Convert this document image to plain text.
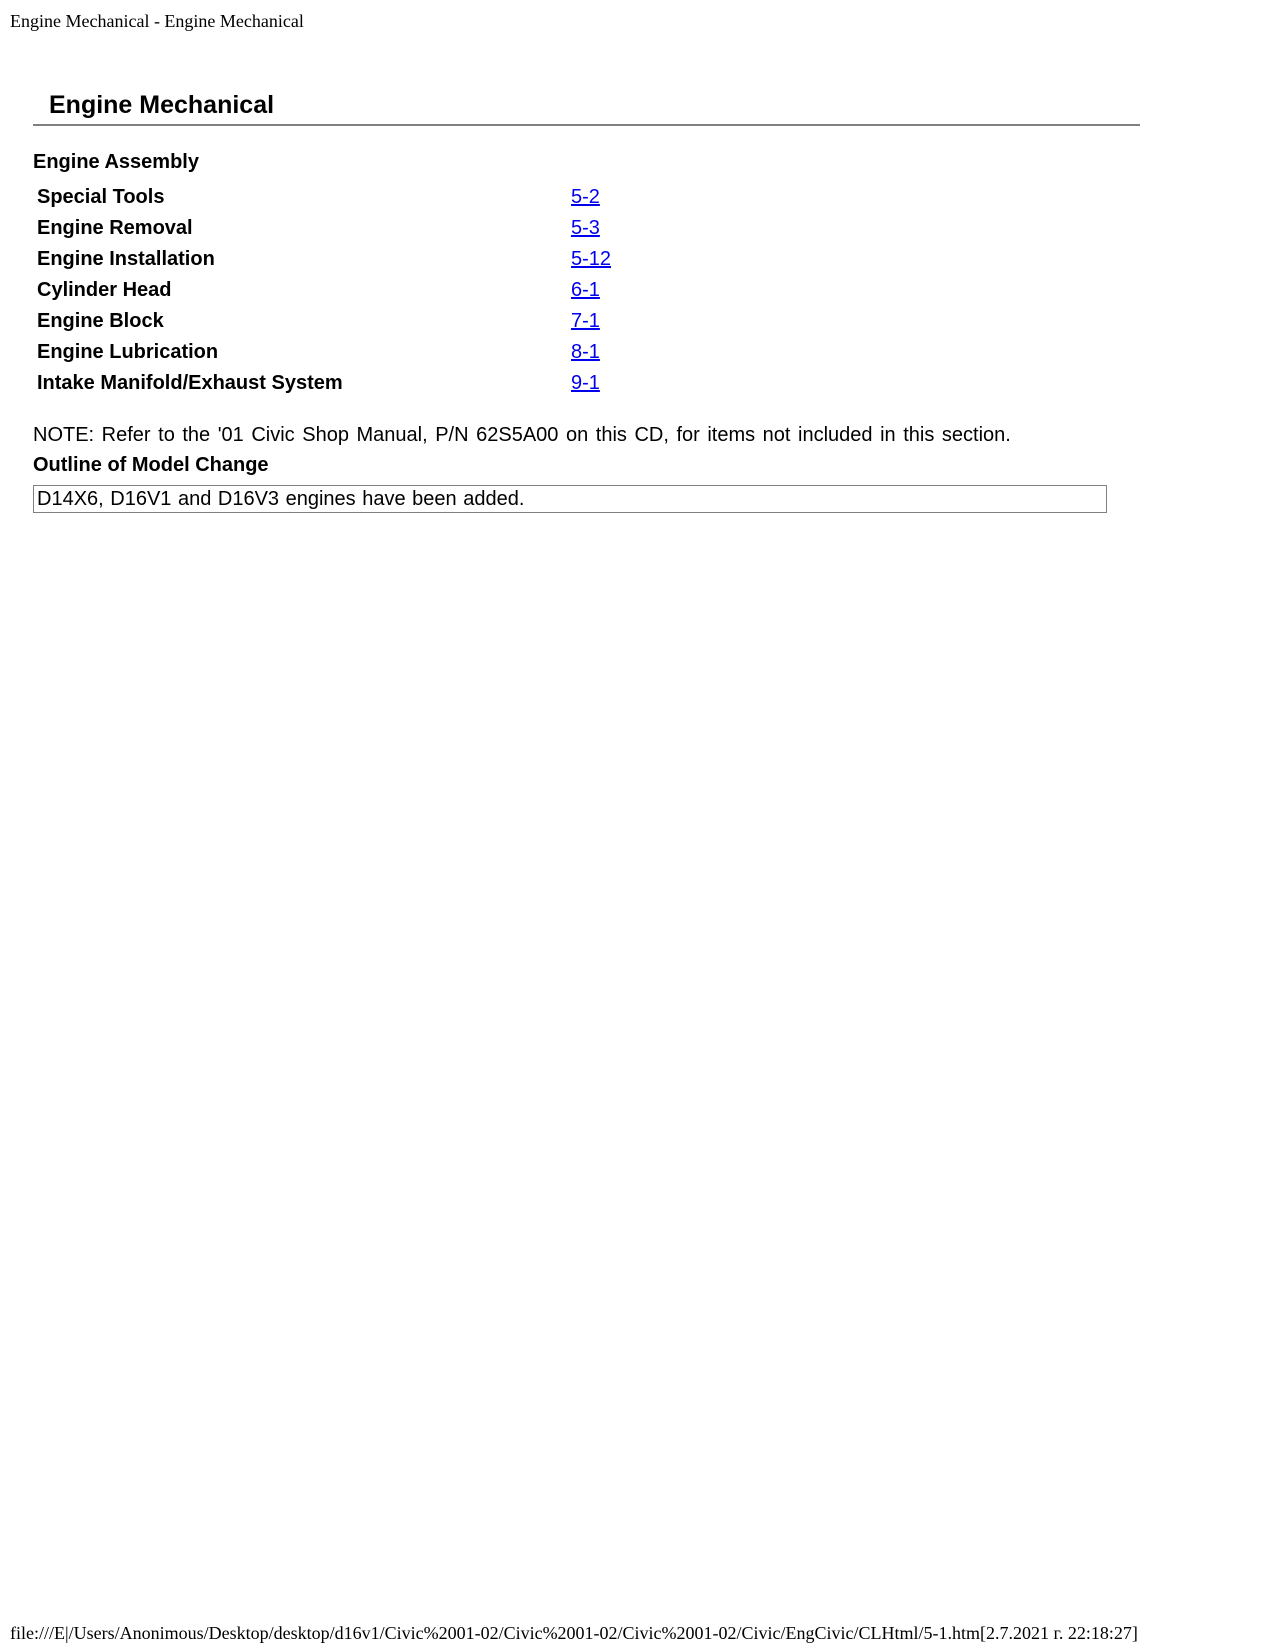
Engine Mechanical - Engine Mechanical
Engine Mechanical
Engine Assembly
Special Tools	5-2
Engine Removal	5-3
Engine Installation	5-12
Cylinder Head	6-1
Engine Block	7-1
Engine Lubrication	8-1
Intake Manifold/Exhaust System	9-1
NOTE: Refer to the '01 Civic Shop Manual, P/N 62S5A00 on this CD, for items not included in this section.
Outline of Model Change
D14X6, D16V1 and D16V3 engines have been added.
file:///E|/Users/Anonimous/Desktop/desktop/d16v1/Civic%2001-02/Civic%2001-02/Civic%2001-02/Civic/EngCivic/CLHtml/5-1.htm[2.7.2021 г. 22:18:27]
